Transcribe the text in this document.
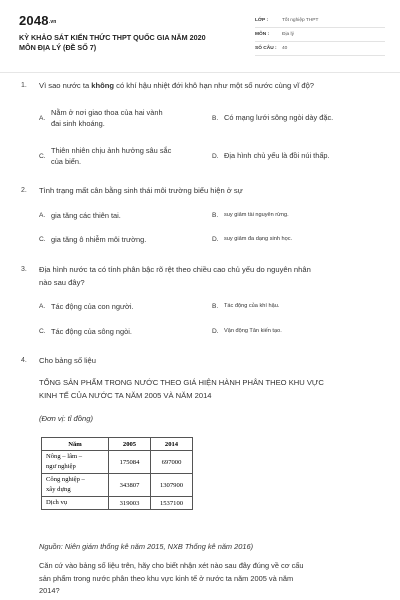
$2048^{.vn}$
KỲ KHẢO SÁT KIẾN THỨC THPT QUỐC GIA NĂM 2020
MÔN ĐỊA LÝ (ĐỀ SỐ 7)
LỚP :	Tốt nghiệp THPT
MÔN :	Địa lý
SỐ CÂU :	40
1. Vì sao nước ta không có khí hậu nhiệt đới khô hạn như một số nước cùng vĩ độ?
A.
Nằm ở nơi giao thoa của hai vành
đai sinh khoáng.
B. Có mạng lưới sông ngòi dày đặc.
C.
Thiên nhiên chịu ảnh hưởng sâu sắc
của biển.
D. Địa hình chủ yếu là đồi núi thấp.
2. Tình trạng mất cân bằng sinh thái môi trường biểu hiện ở sự
A. gia tăng các thiên tai.	B.	suy giảm tài nguyên rừng.
C. gia tăng ô nhiễm môi trường.	D. suy giảm đa dạng sinh học.
3. Địa hình nước ta có tính phân bậc rõ rệt theo chiều cao chủ yếu do nguyên nhân
nào sau đây?
A. Tác động của con người.	B.	Tác động của khí hậu.
C. Tác động của sông ngòi.	D. Vận động Tân kiến tạo.
4. Cho bảng số liệu
TỔNG SẢN PHẨM TRONG NƯỚC THEO GIÁ HIỆN HÀNH PHÂN THEO KHU VỰC
KINH TẾ CỦA NƯỚC TA NĂM 2005 VÀ NĂM 2014
(Đơn vị: tỉ đồng)
Năm	2005	2014
Nông – lâm –
ngư nghiệp	175084	697000
Công nghiệp –
xây dựng	343807	1307900
Dịch vụ	319003	1537100
Nguồn: Niên giám thống kê năm 2015, NXB Thống kê năm 2016)
Căn cứ vào bảng số liệu trên, hãy cho biết nhận xét nào sau đây đúng về cơ cấu
sản phẩm trong nước phân theo khu vực kinh tế ở nước ta năm 2005 và năm
2014?
